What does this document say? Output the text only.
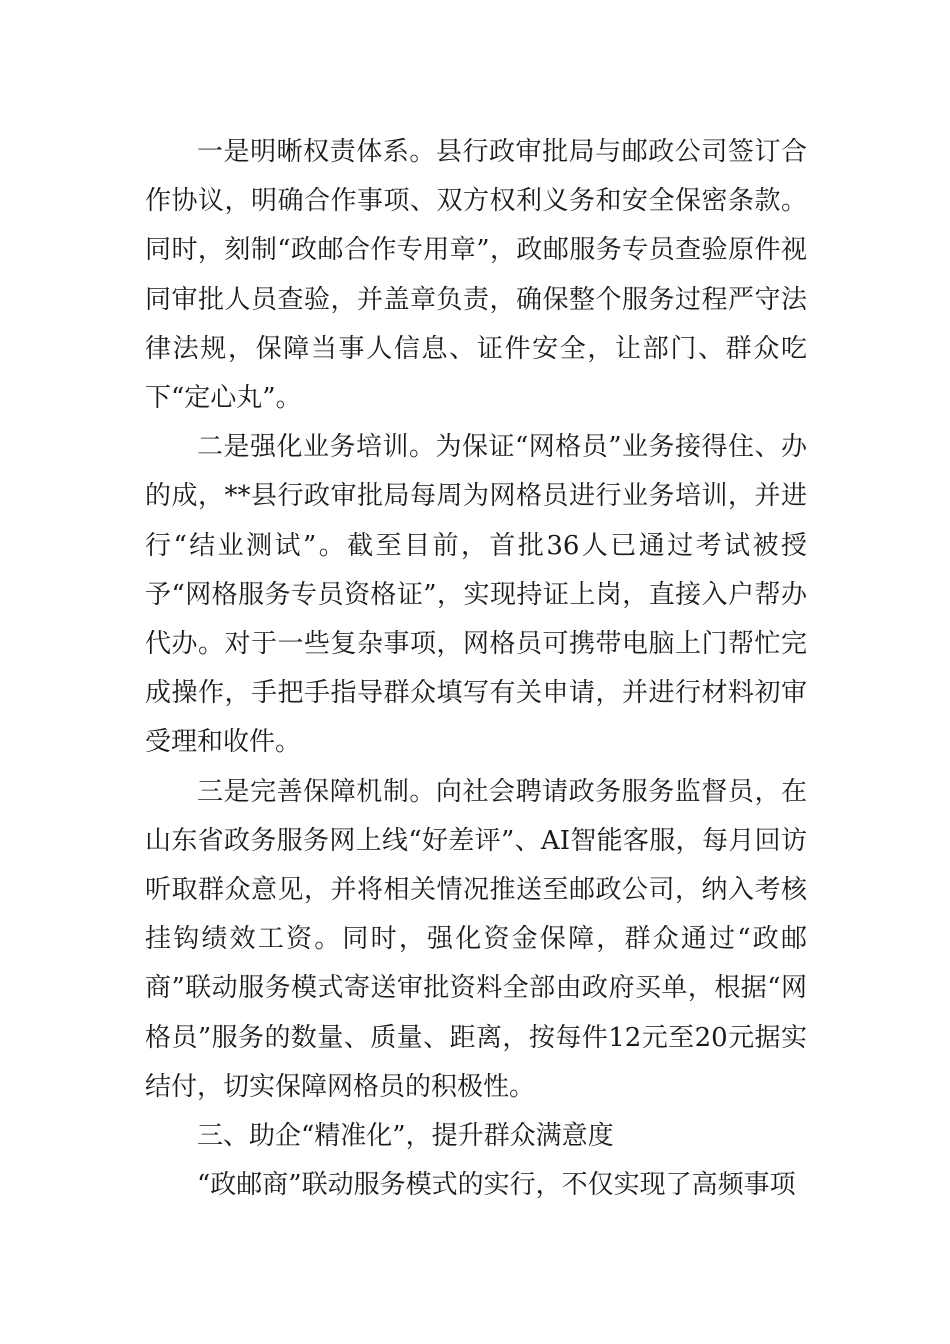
一是明晰权责体系。县行政审批局与邮政公司签订合作协议，明确合作事项、双方权利义务和安全保密条款。同时，刻制“政邮合作专用章”，政邮服务专员查验原件视同审批人员查验，并盖章负责，确保整个服务过程严守法律法规，保障当事人信息、证件安全，让部门、群众吃下“定心丸”。

二是强化业务培训。为保证“网格员”业务接得住、办的成，**县行政审批局每周为网格员进行业务培训，并进行“结业测试”。截至目前，首批36人已通过考试被授予“网格服务专员资格证”，实现持证上岗，直接入户帮办代办。对于一些复杂事项，网格员可携带电脑上门帮忙完成操作，手把手指导群众填写有关申请，并进行材料初审受理和收件。

三是完善保障机制。向社会聘请政务服务监督员，在山东省政务服务网上线“好差评”、AI智能客服，每月回访听取群众意见，并将相关情况推送至邮政公司，纳入考核挂钩绩效工资。同时，强化资金保障，群众通过“政邮商”联动服务模式寄送审批资料全部由政府买单，根据“网格员”服务的数量、质量、距离，按每件12元至20元据实结付，切实保障网格员的积极性。

三、助企“精准化”，提升群众满意度

“政邮商”联动服务模式的实行，不仅实现了高频事项
